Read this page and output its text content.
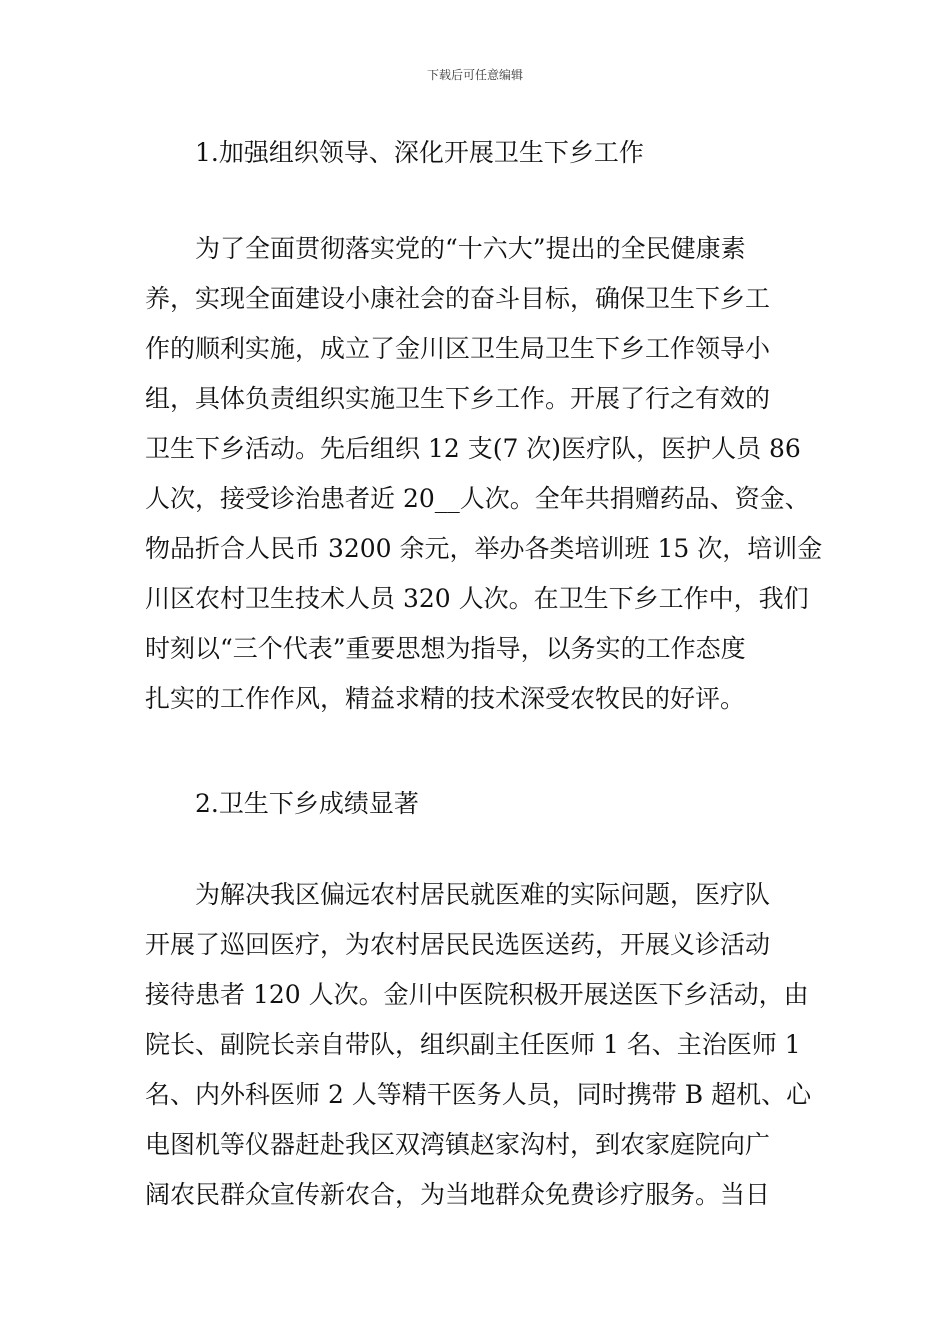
下载后可任意编辑
1.加强组织领导、深化开展卫生下乡工作
　　为了全面贯彻落实党的“十六大”提出的全民健康素
养，实现全面建设小康社会的奋斗目标，确保卫生下乡工
作的顺利实施，成立了金川区卫生局卫生下乡工作领导小
组，具体负责组织实施卫生下乡工作。开展了行之有效的
卫生下乡活动。先后组织 12 支(7 次)医疗队，医护人员 86
人次，接受诊治患者近 20__人次。全年共捐赠药品、资金、
物品折合人民币 3200 余元，举办各类培训班 15 次，培训金
川区农村卫生技术人员 320 人次。在卫生下乡工作中，我们
时刻以“三个代表”重要思想为指导，以务实的工作态度
扎实的工作作风，精益求精的技术深受农牧民的好评。
2.卫生下乡成绩显著
　　为解决我区偏远农村居民就医难的实际问题，医疗队
开展了巡回医疗，为农村居民民选医送药，开展义诊活动
接待患者 120 人次。金川中医院积极开展送医下乡活动，由
院长、副院长亲自带队，组织副主任医师 1 名、主治医师 1
名、内外科医师 2 人等精干医务人员，同时携带 B 超机、心
电图机等仪器赶赴我区双湾镇赵家沟村，到农家庭院向广
阔农民群众宣传新农合，为当地群众免费诊疗服务。当日
